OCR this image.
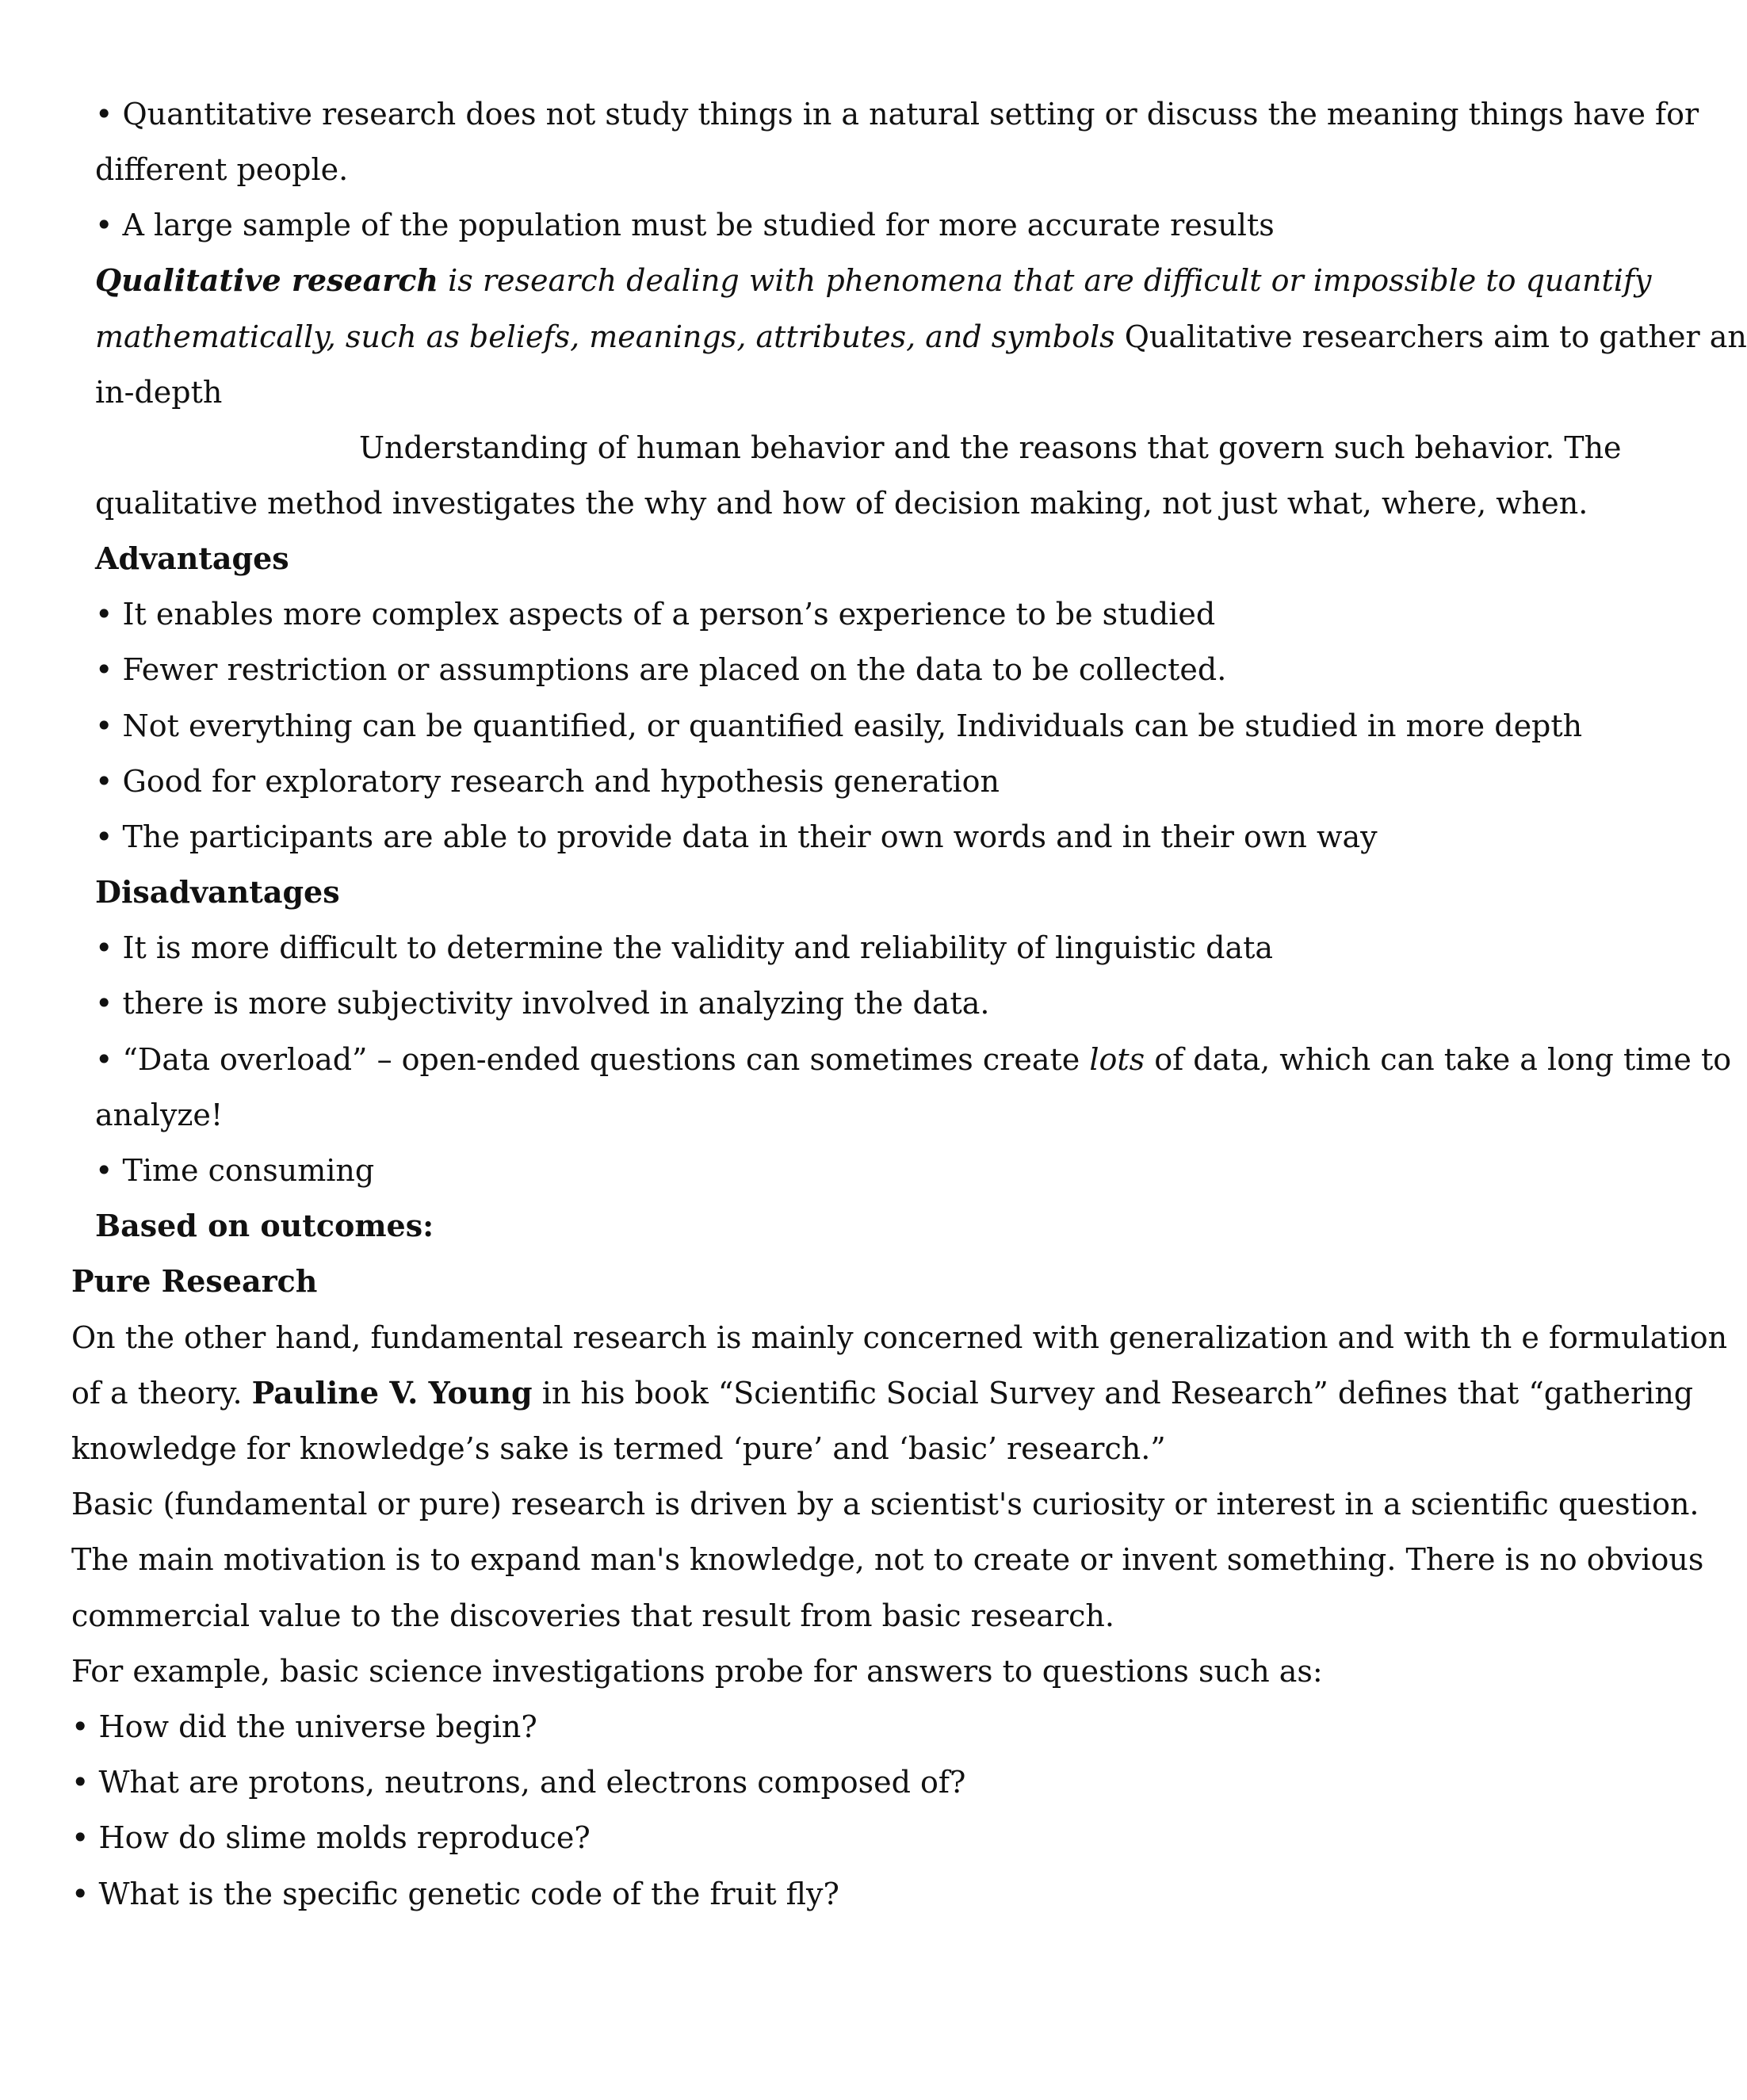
• Quantitative research does not study things in a natural setting or discuss the meaning things have for

different people.

• A large sample of the population must be studied for more accurate results

Qualitative research is research dealing with phenomena that are difficult or impossible to quantify

mathematically, such as beliefs, meanings, attributes, and symbols Qualitative researchers aim to gather an

in-depth

Understanding of human behavior and the reasons that govern such behavior. The

qualitative method investigates the why and how of decision making, not just what, where, when.

Advantages

• It enables more complex aspects of a person’s experience to be studied

• Fewer restriction or assumptions are placed on the data to be collected.

• Not everything can be quantified, or quantified easily, Individuals can be studied in more depth

• Good for exploratory research and hypothesis generation

• The participants are able to provide data in their own words and in their own way

Disadvantages

• It is more difficult to determine the validity and reliability of linguistic data

• there is more subjectivity involved in analyzing the data.

• “Data overload” – open-ended questions can sometimes create lots of data, which can take a long time to

analyze!

• Time consuming

Based on outcomes:

Pure Research

On the other hand, fundamental research is mainly concerned with generalization and with th e formulation

of a theory. Pauline V. Young in his book “Scientific Social Survey and Research” defines that “gathering

knowledge for knowledge’s sake is termed ‘pure’ and ‘basic’ research.”

Basic (fundamental or pure) research is driven by a scientist's curiosity or interest in a scientific question.

The main motivation is to expand man's knowledge, not to create or invent something. There is no obvious

commercial value to the discoveries that result from basic research.

For example, basic science investigations probe for answers to questions such as:

• How did the universe begin?

• What are protons, neutrons, and electrons composed of?

• How do slime molds reproduce?

• What is the specific genetic code of the fruit fly?
